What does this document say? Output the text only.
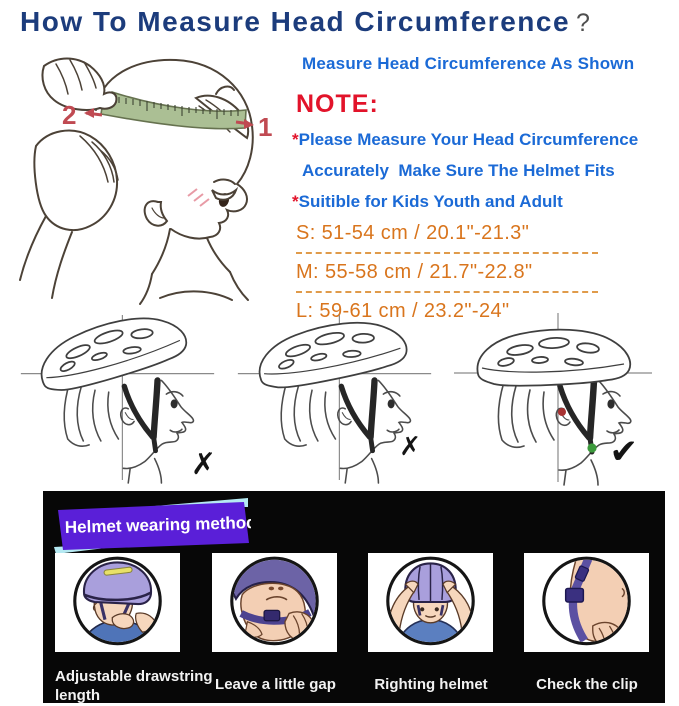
How To Measure Head Circumference ?
2	1
Measure Head Circumference As Shown
NOTE:
*Please Measure Your Head Circumference
Accurately  Make Sure The Helmet Fits
*Suitible for Kids Youth and Adult
S: 51-54 cm / 20.1"-21.3"
M: 55-58 cm / 21.7"-22.8"
L: 59-61 cm / 23.2"-24"
✗	✗	✔
Helmet wearing method
Adjustable drawstring length
Leave a little gap	Righting helmet	Check the clip
